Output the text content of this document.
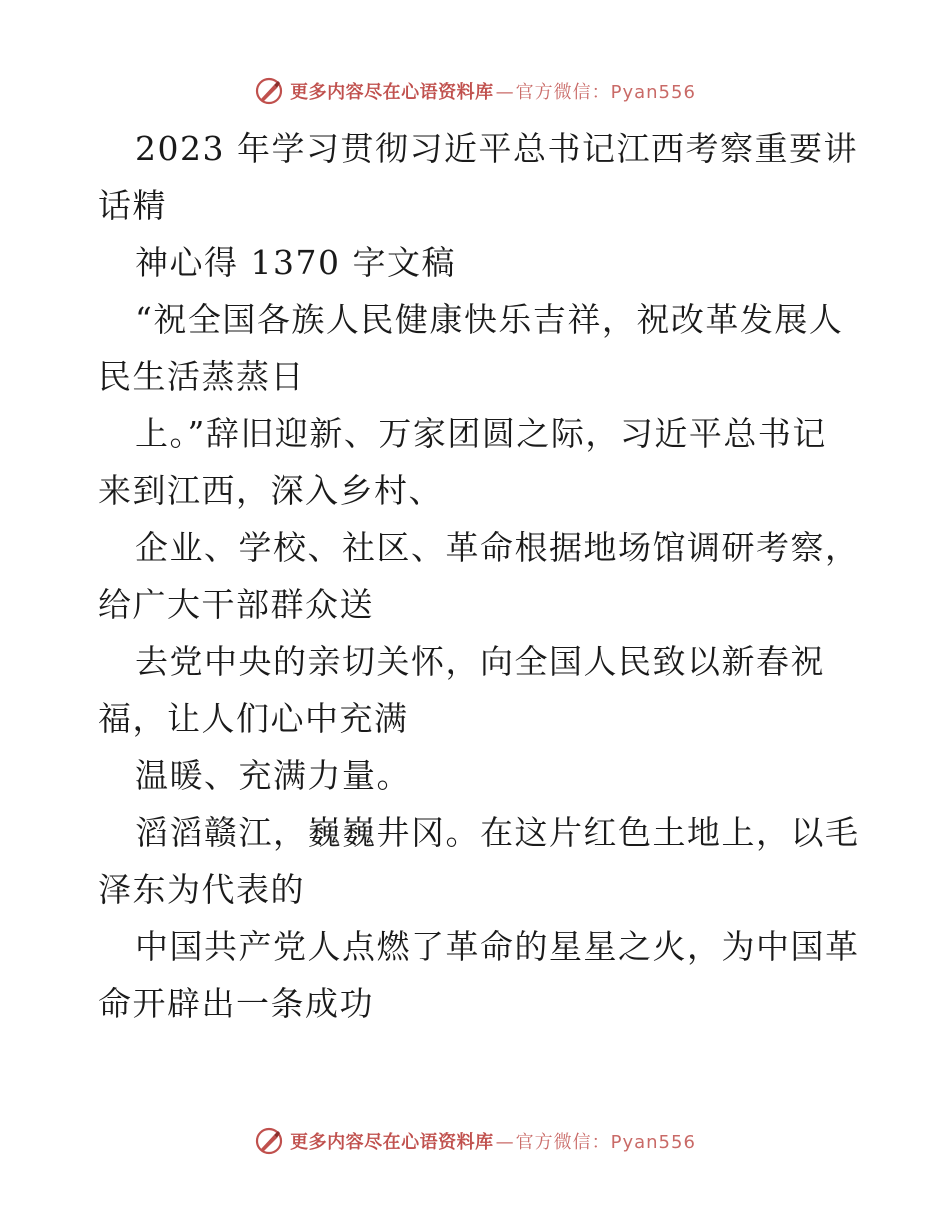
更多内容尽在心语资料库 — 官方微信：Pyan556

2023 年学习贯彻习近平总书记江西考察重要讲
话精

神心得 1370 字文稿

“祝全国各族人民健康快乐吉祥，祝改革发展人
民生活蒸蒸日

上。”辞旧迎新、万家团圆之际，习近平总书记
来到江西，深入乡村、

企业、学校、社区、革命根据地场馆调研考察，
给广大干部群众送

去党中央的亲切关怀，向全国人民致以新春祝
福，让人们心中充满

温暖、充满力量。

滔滔赣江，巍巍井冈。在这片红色土地上，以毛
泽东为代表的

中国共产党人点燃了革命的星星之火，为中国革
命开辟出一条成功

更多内容尽在心语资料库 — 官方微信：Pyan556
